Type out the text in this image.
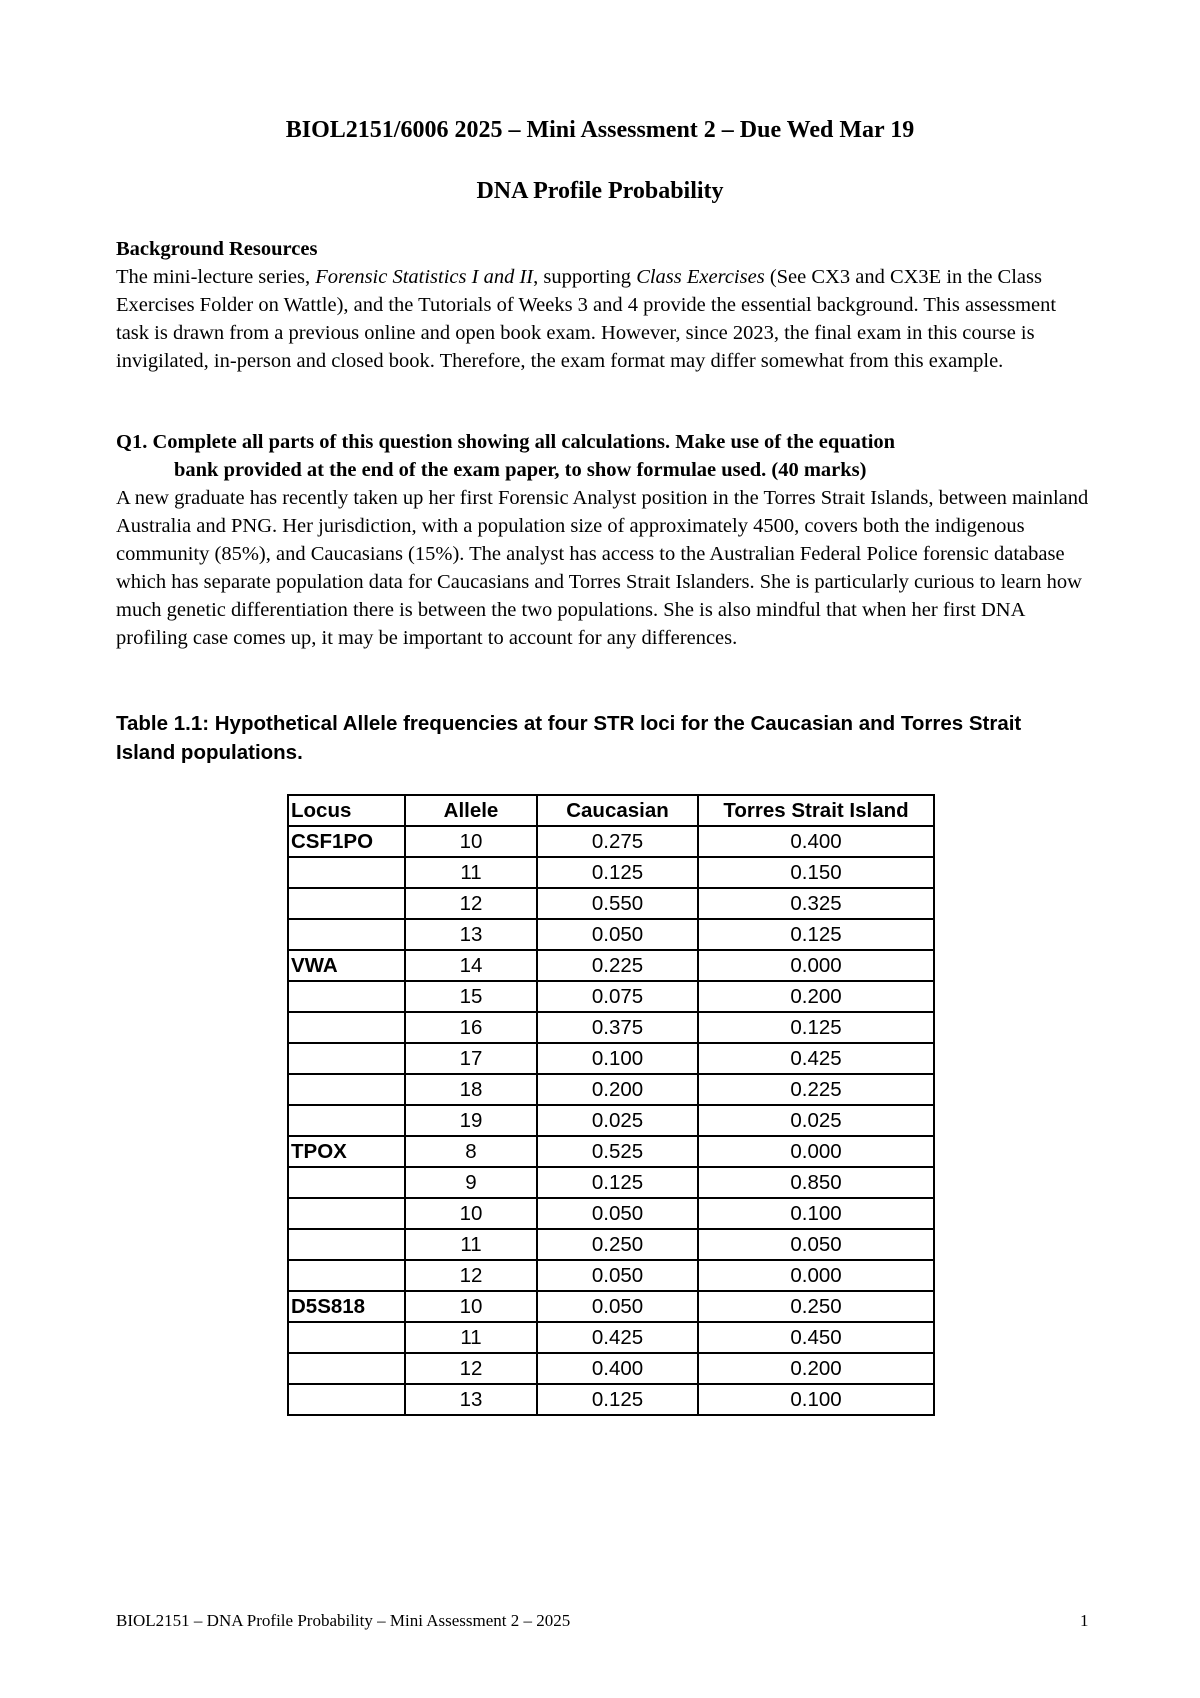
BIOL2151/6006 2025 – Mini Assessment 2 – Due Wed Mar 19
DNA Profile Probability
Background Resources
The mini-lecture series, Forensic Statistics I and II, supporting Class Exercises (See CX3 and CX3E in the Class Exercises Folder on Wattle), and the Tutorials of Weeks 3 and 4 provide the essential background. This assessment task is drawn from a previous online and open book exam. However, since 2023, the final exam in this course is invigilated, in-person and closed book. Therefore, the exam format may differ somewhat from this example.
Q1. Complete all parts of this question showing all calculations. Make use of the equation
bank provided at the end of the exam paper, to show formulae used. (40 marks)
A new graduate has recently taken up her first Forensic Analyst position in the Torres Strait Islands, between mainland Australia and PNG. Her jurisdiction, with a population size of approximately 4500, covers both the indigenous community (85%), and Caucasians (15%). The analyst has access to the Australian Federal Police forensic database which has separate population data for Caucasians and Torres Strait Islanders. She is particularly curious to learn how much genetic differentiation there is between the two populations. She is also mindful that when her first DNA profiling case comes up, it may be important to account for any differences.
Table 1.1: Hypothetical Allele frequencies at four STR loci for the Caucasian and Torres Strait Island populations.
Locus	Allele	Caucasian	Torres Strait Island
CSF1PO	10	0.275	0.400
	11	0.125	0.150
	12	0.550	0.325
	13	0.050	0.125
VWA	14	0.225	0.000
	15	0.075	0.200
	16	0.375	0.125
	17	0.100	0.425
	18	0.200	0.225
	19	0.025	0.025
TPOX	8	0.525	0.000
	9	0.125	0.850
	10	0.050	0.100
	11	0.250	0.050
	12	0.050	0.000
D5S818	10	0.050	0.250
	11	0.425	0.450
	12	0.400	0.200
	13	0.125	0.100
BIOL2151 – DNA Profile Probability – Mini Assessment 2 – 2025	1
